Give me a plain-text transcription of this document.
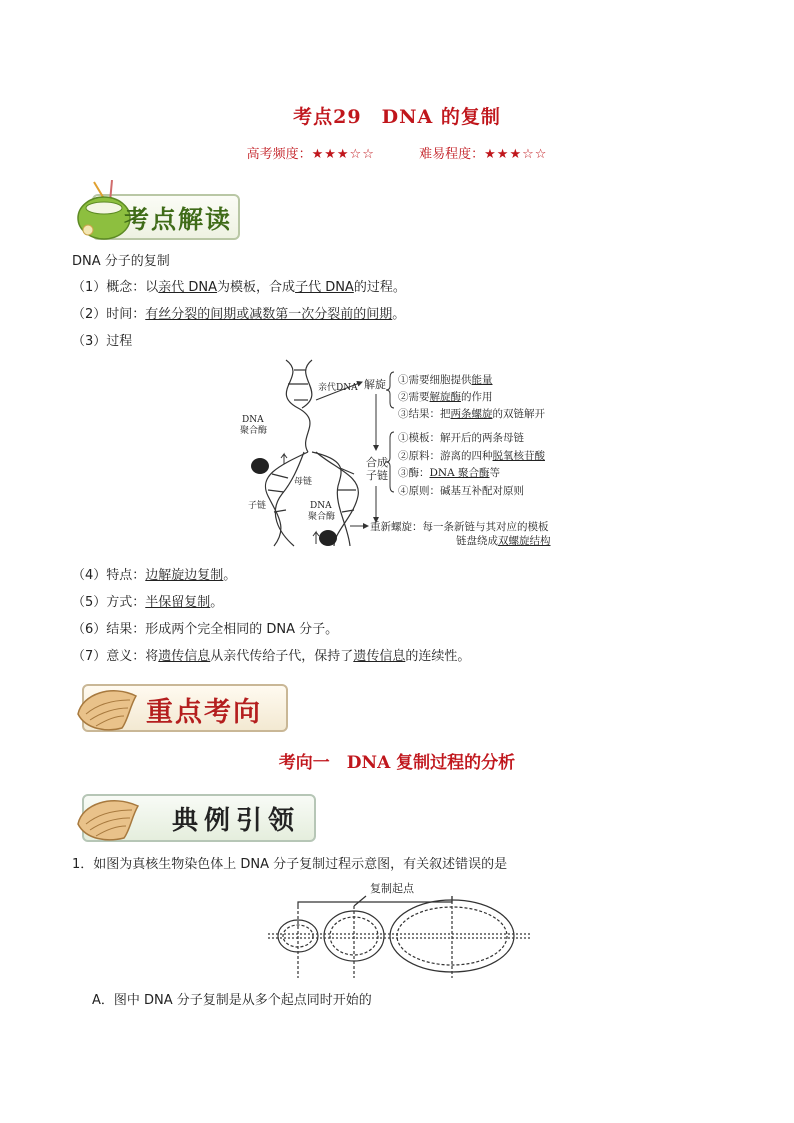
考点29　DNA 的复制
高考频度：★★★☆☆	难易程度：★★★☆☆
考点解读
DNA 分子的复制
（1）概念：以亲代 DNA为模板，合成子代 DNA的过程。
（2）时间：有丝分裂的间期或减数第一次分裂前的间期。
（3）过程
亲代DNA
DNA
聚合酶
母链
子链	DNA
聚合酶
解旋
合成
子链
①需要细胞提供能量
②需要解旋酶的作用
③结果：把两条螺旋的双链解开
①模板：解开后的两条母链
②原料：游离的四种脱氧核苷酸
③酶：DNA 聚合酶等
④原则：碱基互补配对原则
重新螺旋：每一条新链与其对应的模板
链盘绕成双螺旋结构
（4）特点：边解旋边复制。
（5）方式：半保留复制。
（6）结果：形成两个完全相同的 DNA 分子。
（7）意义：将遗传信息从亲代传给子代，保持了遗传信息的连续性。
重点考向
考向一　DNA 复制过程的分析
典例引领
1．如图为真核生物染色体上 DNA 分子复制过程示意图，有关叙述错误的是
复制起点
A．图中 DNA 分子复制是从多个起点同时开始的
